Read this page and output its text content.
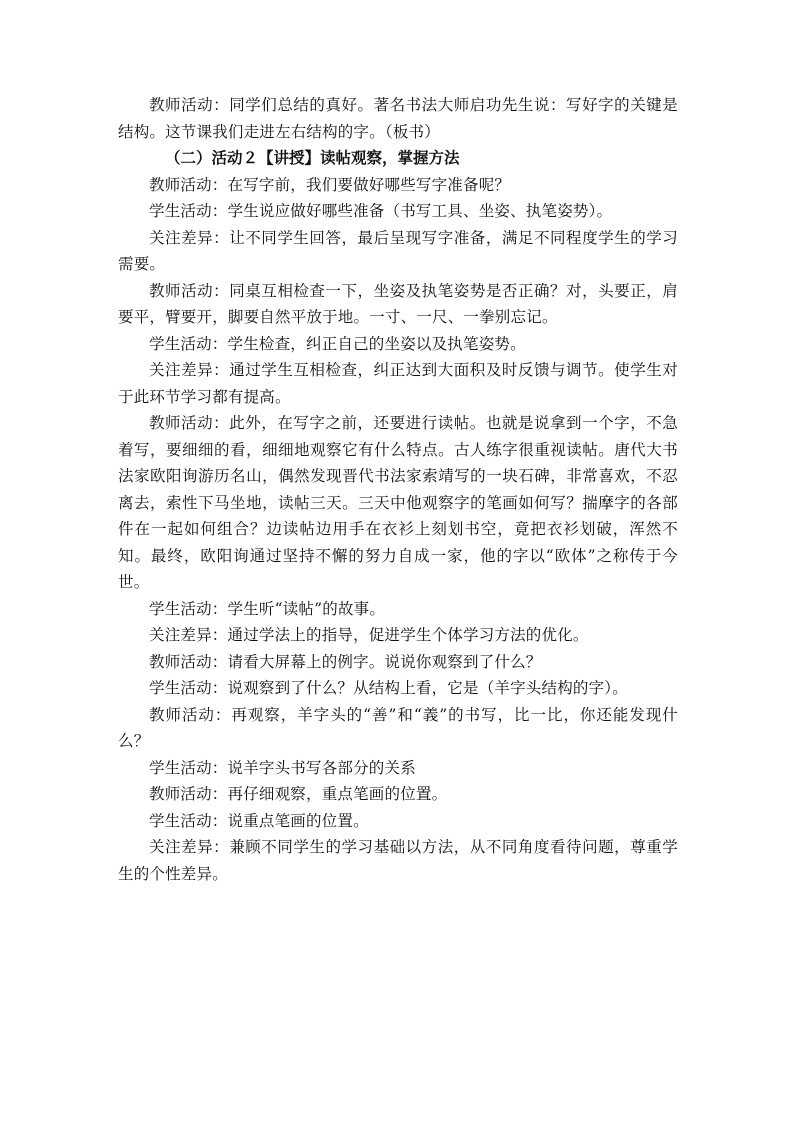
教师活动：同学们总结的真好。著名书法大师启功先生说：写好字的关键是结构。这节课我们走进左右结构的字。（板书）

（二）活动２【讲授】读帖观察，掌握方法

教师活动：在写字前，我们要做好哪些写字准备呢？

学生活动：学生说应做好哪些准备（书写工具、坐姿、执笔姿势）。

关注差异：让不同学生回答，最后呈现写字准备，满足不同程度学生的学习需要。

教师活动：同桌互相检查一下，坐姿及执笔姿势是否正确？对，头要正，肩要平，臂要开，脚要自然平放于地。一寸、一尺、一拳别忘记。

学生活动：学生检查，纠正自己的坐姿以及执笔姿势。

关注差异：通过学生互相检查，纠正达到大面积及时反馈与调节。使学生对于此环节学习都有提高。

教师活动：此外，在写字之前，还要进行读帖。也就是说拿到一个字，不急着写，要细细的看，细细地观察它有什么特点。古人练字很重视读帖。唐代大书法家欧阳询游历名山，偶然发现晋代书法家索靖写的一块石碑，非常喜欢，不忍离去，索性下马坐地，读帖三天。三天中他观察字的笔画如何写？揣摩字的各部件在一起如何组合？边读帖边用手在衣衫上刻划书空，竟把衣衫划破，浑然不知。最终，欧阳询通过坚持不懈的努力自成一家，他的字以“欧体”之称传于今世。

学生活动：学生听“读帖”的故事。

关注差异：通过学法上的指导，促进学生个体学习方法的优化。

教师活动：请看大屏幕上的例字。说说你观察到了什么？

学生活动：说观察到了什么？从结构上看，它是（羊字头结构的字）。

教师活动：再观察，羊字头的“善”和“義”的书写，比一比，你还能发现什么？

学生活动：说羊字头书写各部分的关系

教师活动：再仔细观察，重点笔画的位置。

学生活动：说重点笔画的位置。

关注差异：兼顾不同学生的学习基础以方法，从不同角度看待问题，尊重学生的个性差异。
